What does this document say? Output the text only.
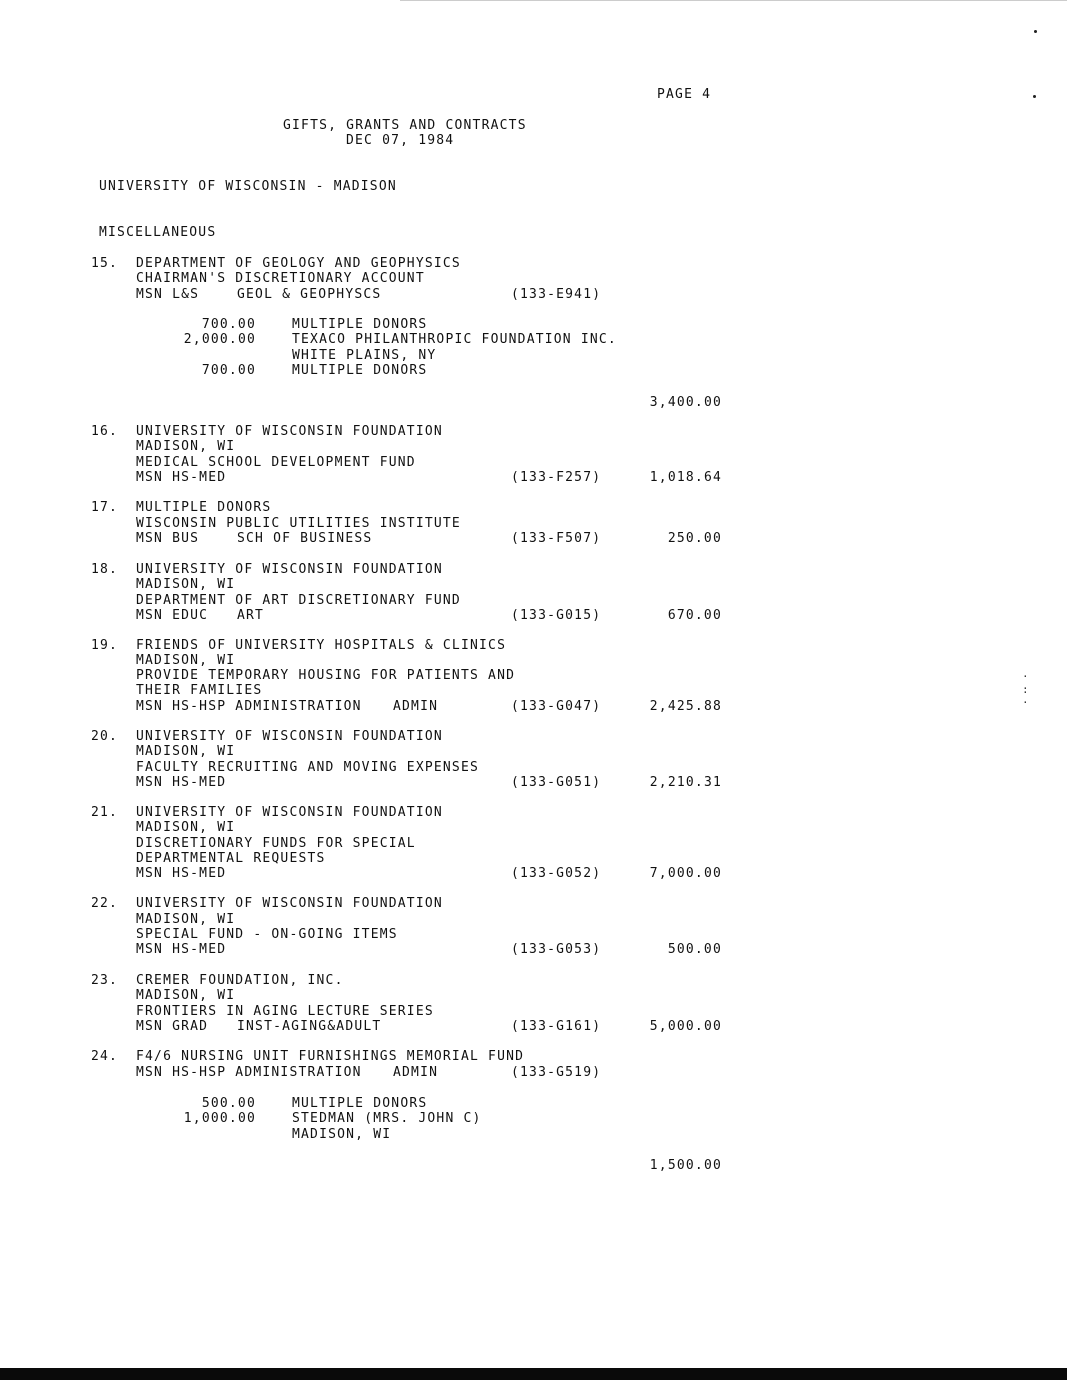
·
:
·
PAGE 4
GIFTS, GRANTS AND CONTRACTS
DEC 07, 1984
UNIVERSITY OF WISCONSIN - MADISON
MISCELLANEOUS
15. DEPARTMENT OF GEOLOGY AND GEOPHYSICS
CHAIRMAN'S DISCRETIONARY ACCOUNT
MSN L&S	GEOL & GEOPHYSCS	(133-E941)
700.00	MULTIPLE DONORS
2,000.00	TEXACO PHILANTHROPIC FOUNDATION INC.
WHITE PLAINS, NY
700.00	MULTIPLE DONORS
3,400.00
16. UNIVERSITY OF WISCONSIN FOUNDATION
MADISON, WI
MEDICAL SCHOOL DEVELOPMENT FUND
MSN HS-MED	(133-F257)	1,018.64
17. MULTIPLE DONORS
WISCONSIN PUBLIC UTILITIES INSTITUTE
MSN BUS	SCH OF BUSINESS	(133-F507)	250.00
18. UNIVERSITY OF WISCONSIN FOUNDATION
MADISON, WI
DEPARTMENT OF ART DISCRETIONARY FUND
MSN EDUC ART	(133-G015)	670.00
19. FRIENDS OF UNIVERSITY HOSPITALS & CLINICS
MADISON, WI
PROVIDE TEMPORARY HOUSING FOR PATIENTS AND
THEIR FAMILIES
MSN HS-HSP ADMINISTRATION ADMIN	(133-G047)	2,425.88
20. UNIVERSITY OF WISCONSIN FOUNDATION
MADISON, WI
FACULTY RECRUITING AND MOVING EXPENSES
MSN HS-MED	(133-G051)	2,210.31
21. UNIVERSITY OF WISCONSIN FOUNDATION
MADISON, WI
DISCRETIONARY FUNDS FOR SPECIAL
DEPARTMENTAL REQUESTS
MSN HS-MED	(133-G052)	7,000.00
22. UNIVERSITY OF WISCONSIN FOUNDATION
MADISON, WI
SPECIAL FUND - ON-GOING ITEMS
MSN HS-MED	(133-G053)	500.00
23. CREMER FOUNDATION, INC.
MADISON, WI
FRONTIERS IN AGING LECTURE SERIES
MSN GRAD INST-AGING&ADULT	(133-G161)	5,000.00
24. F4/6 NURSING UNIT FURNISHINGS MEMORIAL FUND
MSN HS-HSP ADMINISTRATION ADMIN	(133-G519)
500.00	MULTIPLE DONORS
1,000.00	STEDMAN (MRS. JOHN C)
MADISON, WI
1,500.00
